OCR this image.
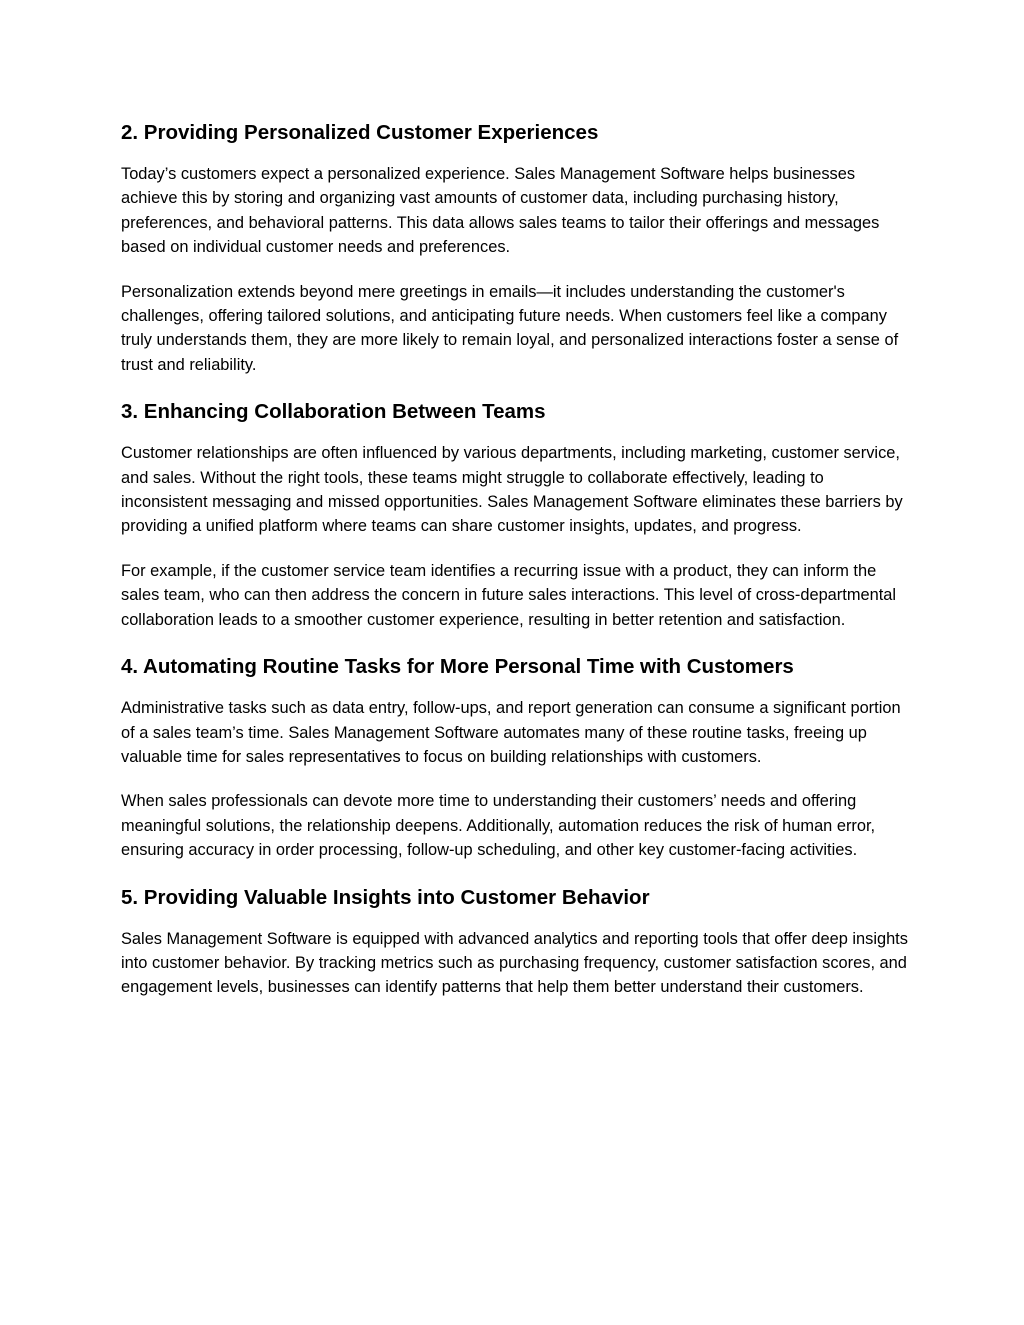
2. Providing Personalized Customer Experiences

Today’s customers expect a personalized experience. Sales Management Software helps businesses achieve this by storing and organizing vast amounts of customer data, including purchasing history, preferences, and behavioral patterns. This data allows sales teams to tailor their offerings and messages based on individual customer needs and preferences.

Personalization extends beyond mere greetings in emails—it includes understanding the customer's challenges, offering tailored solutions, and anticipating future needs. When customers feel like a company truly understands them, they are more likely to remain loyal, and personalized interactions foster a sense of trust and reliability.

3. Enhancing Collaboration Between Teams

Customer relationships are often influenced by various departments, including marketing, customer service, and sales. Without the right tools, these teams might struggle to collaborate effectively, leading to inconsistent messaging and missed opportunities. Sales Management Software eliminates these barriers by providing a unified platform where teams can share customer insights, updates, and progress.

For example, if the customer service team identifies a recurring issue with a product, they can inform the sales team, who can then address the concern in future sales interactions. This level of cross-departmental collaboration leads to a smoother customer experience, resulting in better retention and satisfaction.

4. Automating Routine Tasks for More Personal Time with Customers

Administrative tasks such as data entry, follow-ups, and report generation can consume a significant portion of a sales team’s time. Sales Management Software automates many of these routine tasks, freeing up valuable time for sales representatives to focus on building relationships with customers.

When sales professionals can devote more time to understanding their customers’ needs and offering meaningful solutions, the relationship deepens. Additionally, automation reduces the risk of human error, ensuring accuracy in order processing, follow-up scheduling, and other key customer-facing activities.

5. Providing Valuable Insights into Customer Behavior

Sales Management Software is equipped with advanced analytics and reporting tools that offer deep insights into customer behavior. By tracking metrics such as purchasing frequency, customer satisfaction scores, and engagement levels, businesses can identify patterns that help them better understand their customers.
